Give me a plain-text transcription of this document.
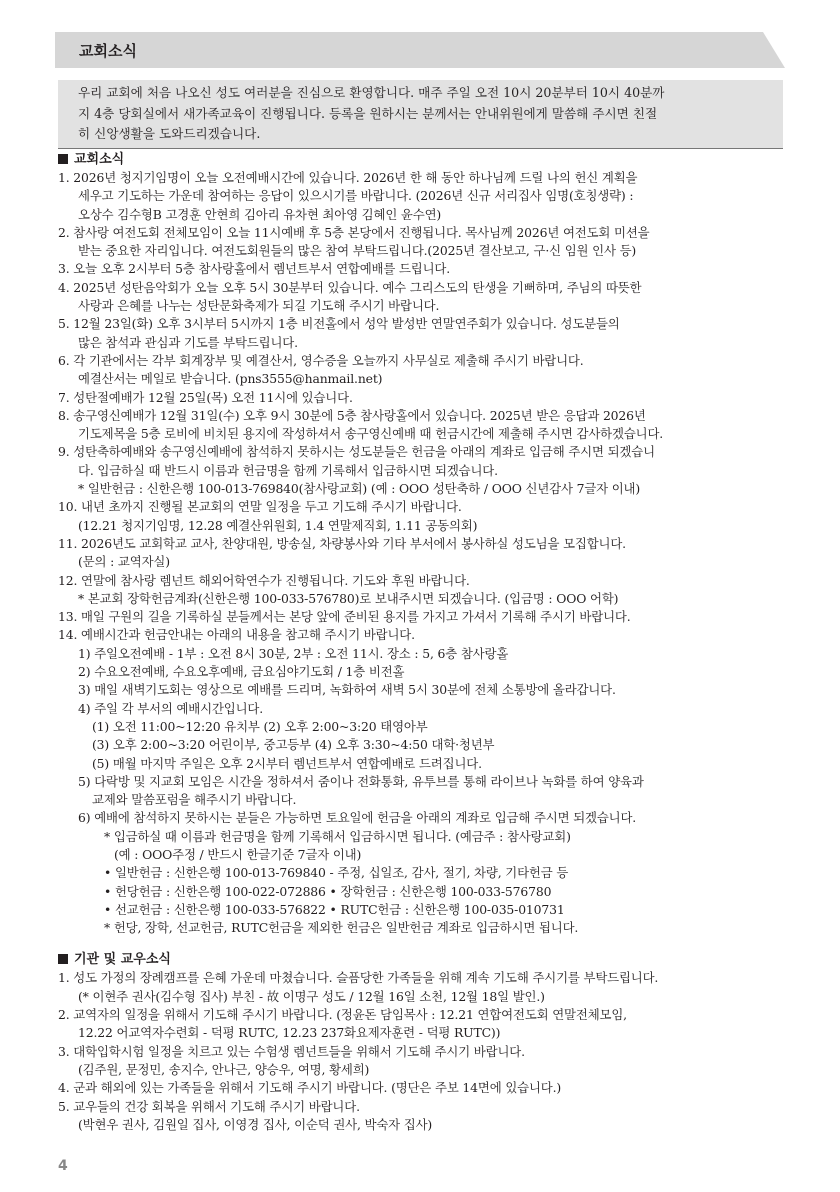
교회소식
우리 교회에 처음 나오신 성도 여러분을 진심으로 환영합니다. 매주 주일 오전 10시 20분부터 10시 40분까
지 4층 당회실에서 새가족교육이 진행됩니다. 등록을 원하시는 분께서는 안내위원에게 말씀해 주시면 친절
히 신앙생활을 도와드리겠습니다.
교회소식
1. 2026년 청지기임명이 오늘 오전예배시간에 있습니다. 2026년 한 해 동안 하나님께 드릴 나의 헌신 계획을
세우고 기도하는 가운데 참여하는 응답이 있으시기를 바랍니다. (2026년 신규 서리집사 임명(호칭생략) :
오상수 김수형B 고경훈 안현희 김아리 유차현 최아영 김혜인 윤수연)
2. 참사랑 여전도회 전체모임이 오늘 11시예배 후 5층 본당에서 진행됩니다. 목사님께 2026년 여전도회 미션을
받는 중요한 자리입니다. 여전도회원들의 많은 참여 부탁드립니다.(2025년 결산보고, 구·신 임원 인사 등)
3. 오늘 오후 2시부터 5층 참사랑홀에서 렘넌트부서 연합예배를 드립니다.
4. 2025년 성탄음악회가 오늘 오후 5시 30분부터 있습니다. 예수 그리스도의 탄생을 기뻐하며, 주님의 따뜻한
사랑과 은혜를 나누는 성탄문화축제가 되길 기도해 주시기 바랍니다.
5. 12월 23일(화) 오후 3시부터 5시까지 1층 비전홀에서 성악 발성반 연말연주회가 있습니다. 성도분들의
많은 참석과 관심과 기도를 부탁드립니다.
6. 각 기관에서는 각부 회계장부 및 예결산서, 영수증을 오늘까지 사무실로 제출해 주시기 바랍니다.
예결산서는 메일로 받습니다. (pns3555@hanmail.net)
7. 성탄절예배가 12월 25일(목) 오전 11시에 있습니다.
8. 송구영신예배가 12월 31일(수) 오후 9시 30분에 5층 참사랑홀에서 있습니다. 2025년 받은 응답과 2026년
기도제목을 5층 로비에 비치된 용지에 작성하셔서 송구영신예배 때 헌금시간에 제출해 주시면 감사하겠습니다.
9. 성탄축하예배와 송구영신예배에 참석하지 못하시는 성도분들은 헌금을 아래의 계좌로 입금해 주시면 되겠습니
다. 입금하실 때 반드시 이름과 헌금명을 함께 기록해서 입금하시면 되겠습니다.
* 일반헌금 : 신한은행 100-013-769840(참사랑교회) (예 : OOO 성탄축하 / OOO 신년감사 7글자 이내)
10. 내년 초까지 진행될 본교회의 연말 일정을 두고 기도해 주시기 바랍니다.
(12.21 청지기임명, 12.28 예결산위원회, 1.4 연말제직회, 1.11 공동의회)
11. 2026년도 교회학교 교사, 찬양대원, 방송실, 차량봉사와 기타 부서에서 봉사하실 성도님을 모집합니다.
(문의 : 교역자실)
12. 연말에 참사랑 렘넌트 해외어학연수가 진행됩니다. 기도와 후원 바랍니다.
* 본교회 장학헌금계좌(신한은행 100-033-576780)로 보내주시면 되겠습니다. (입금명 : OOO 어학)
13. 매일 구원의 길을 기록하실 분들께서는 본당 앞에 준비된 용지를 가지고 가셔서 기록해 주시기 바랍니다.
14. 예배시간과 헌금안내는 아래의 내용을 참고해 주시기 바랍니다.
1) 주일오전예배 - 1부 : 오전 8시 30분, 2부 : 오전 11시. 장소 : 5, 6층 참사랑홀
2) 수요오전예배, 수요오후예배, 금요심야기도회 / 1층 비전홀
3) 매일 새벽기도회는 영상으로 예배를 드리며, 녹화하여 새벽 5시 30분에 전체 소통방에 올라갑니다.
4) 주일 각 부서의 예배시간입니다.
(1) 오전 11:00~12:20 유치부 (2) 오후 2:00~3:20 태영아부
(3) 오후 2:00~3:20 어린이부, 중고등부 (4) 오후 3:30~4:50 대학·청년부
(5) 매월 마지막 주일은 오후 2시부터 렘넌트부서 연합예배로 드려집니다.
5) 다락방 및 지교회 모임은 시간을 정하셔서 줌이나 전화통화, 유투브를 통해 라이브나 녹화를 하여 양육과
교제와 말씀포럼을 해주시기 바랍니다.
6) 예배에 참석하지 못하시는 분들은 가능하면 토요일에 헌금을 아래의 계좌로 입금해 주시면 되겠습니다.
* 입금하실 때 이름과 헌금명을 함께 기록해서 입금하시면 됩니다. (예금주 : 참사랑교회)
(예 : OOO주정 / 반드시 한글기준 7글자 이내)
• 일반헌금 : 신한은행 100-013-769840 - 주정, 십일조, 감사, 절기, 차량, 기타헌금 등
• 헌당헌금 : 신한은행 100-022-072886 • 장학헌금 : 신한은행 100-033-576780
• 선교헌금 : 신한은행 100-033-576822 • RUTC헌금 : 신한은행 100-035-010731
* 헌당, 장학, 선교헌금, RUTC헌금을 제외한 헌금은 일반헌금 계좌로 입금하시면 됩니다.
기관 및 교우소식
1. 성도 가정의 장례캠프를 은혜 가운데 마쳤습니다. 슬픔당한 가족들을 위해 계속 기도해 주시기를 부탁드립니다.
(* 이현주 권사(김수형 집사) 부친 - 故 이명구 성도 / 12월 16일 소천, 12월 18일 발인.)
2. 교역자의 일정을 위해서 기도해 주시기 바랍니다. (정윤돈 담임목사 : 12.21 연합여전도회 연말전체모임,
12.22 어교역자수련회 - 덕평 RUTC, 12.23 237화요제자훈련 - 덕평 RUTC))
3. 대학입학시험 일정을 치르고 있는 수험생 렘넌트들을 위해서 기도해 주시기 바랍니다.
(김주원, 문정민, 송지수, 안나근, 양승우, 여명, 황세희)
4. 군과 해외에 있는 가족들을 위해서 기도해 주시기 바랍니다. (명단은 주보 14면에 있습니다.)
5. 교우들의 건강 회복을 위해서 기도해 주시기 바랍니다.
(박현우 권사, 김원일 집사, 이영경 집사, 이순덕 권사, 박숙자 집사)
4
